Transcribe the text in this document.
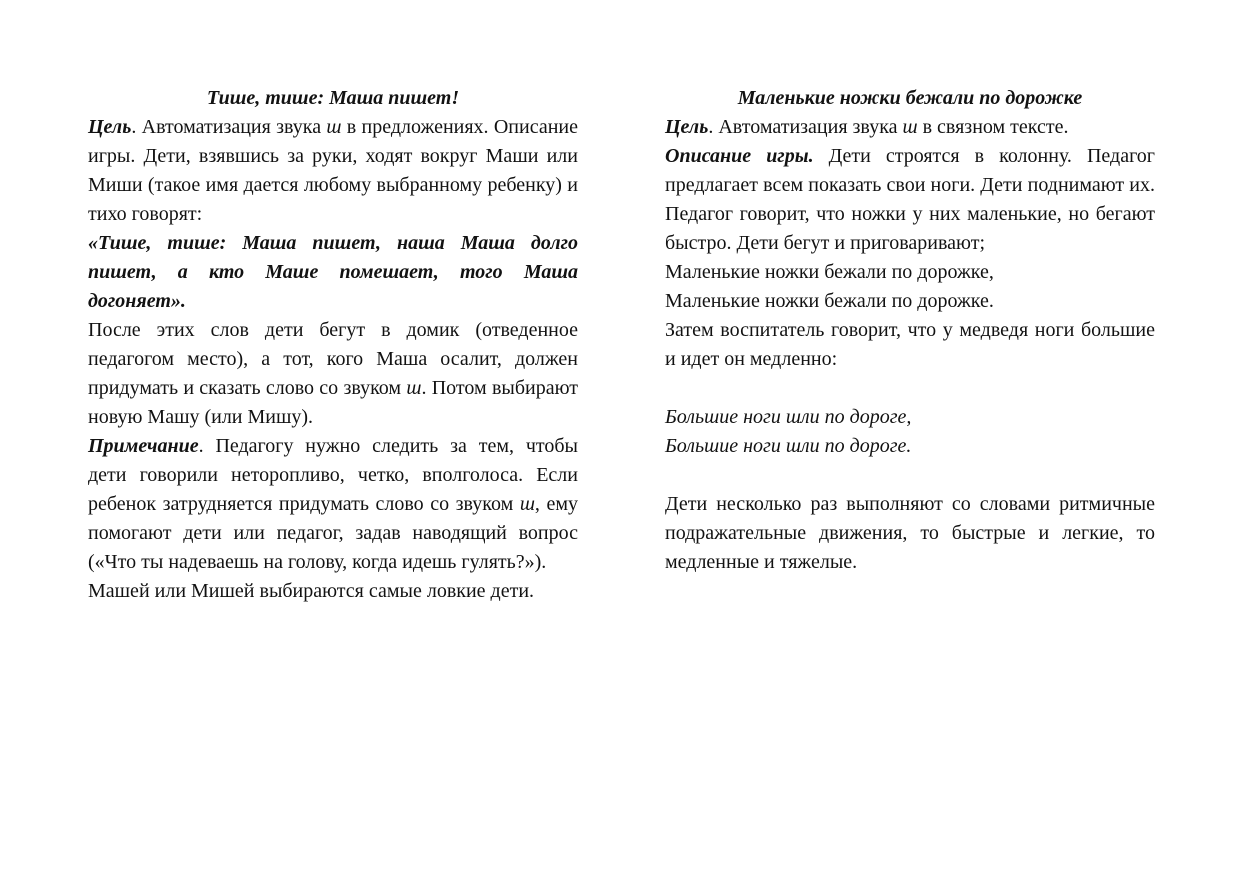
Тише, тише: Маша пишет!

Цель. Автоматизация звука ш в предложениях. Описание игры. Дети, взявшись за руки, ходят вокруг Маши или Миши (такое имя дается любому выбранному ребенку) и тихо говорят:

«Тише, тише: Маша пишет, наша Маша долго пишет, а кто Маше помешает, того Маша догоняет».

После этих слов дети бегут в домик (отведенное педагогом место), а тот, кого Маша осалит, должен придумать и сказать слово со звуком ш. Потом выбирают новую Машу (или Мишу).

Примечание. Педагогу нужно следить за тем, чтобы дети говорили неторопливо, четко, вполголоса. Если ребенок затрудняется придумать слово со звуком ш, ему помогают дети или педагог, задав наводящий вопрос («Что ты надеваешь на голову, когда идешь гулять?»).

Машей или Мишей выбираются самые ловкие дети.

Маленькие ножки бежали по дорожке

Цель. Автоматизация звука ш в связном тексте.

Описание игры. Дети строятся в колонну. Педагог предлагает всем показать свои ноги. Дети поднимают их. Педагог говорит, что ножки у них маленькие, но бегают быстро. Дети бегут и приговаривают;

Маленькие ножки бежали по дорожке,

Маленькие ножки бежали по дорожке.

Затем воспитатель говорит, что у медведя ноги большие и идет он медленно:

Большие ноги шли по дороге,

Большие ноги шли по дороге.

Дети несколько раз выполняют со словами ритмичные подражательные движения, то быстрые и легкие, то медленные и тяжелые.
